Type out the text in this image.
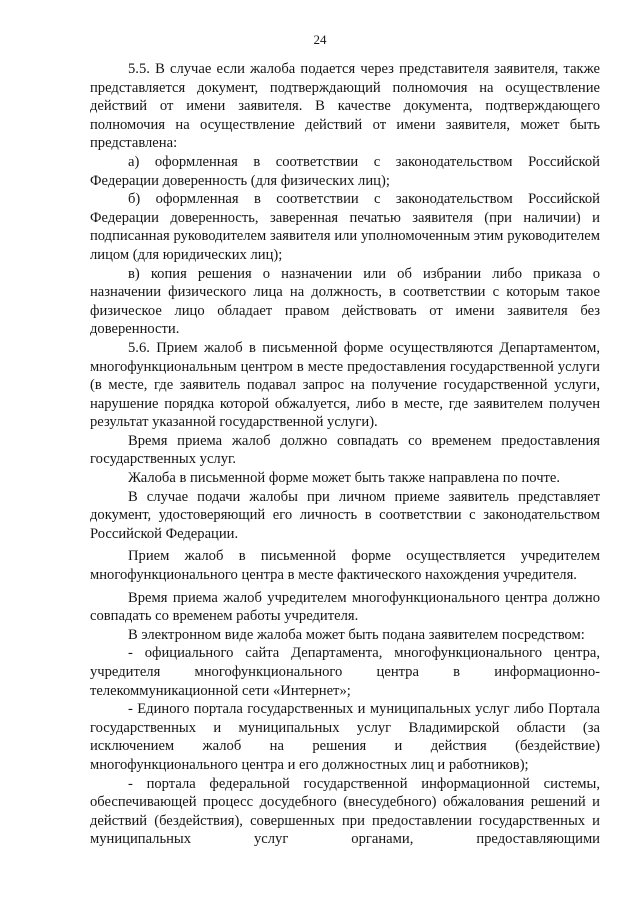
24

5.5. В случае если жалоба подается через представителя заявителя, также представляется документ, подтверждающий полномочия на осуществление действий от имени заявителя. В качестве документа, подтверждающего полномочия на осуществление действий от имени заявителя, может быть представлена:

а) оформленная в соответствии с законодательством Российской Федерации доверенность (для физических лиц);

б) оформленная в соответствии с законодательством Российской Федерации доверенность, заверенная печатью заявителя (при наличии) и подписанная руководителем заявителя или уполномоченным этим руководителем лицом (для юридических лиц);

в) копия решения о назначении или об избрании либо приказа о назначении физического лица на должность, в соответствии с которым такое физическое лицо обладает правом действовать от имени заявителя без доверенности.

5.6. Прием жалоб в письменной форме осуществляются Департаментом, многофункциональным центром в месте предоставления государственной услуги (в месте, где заявитель подавал запрос на получение государственной услуги, нарушение порядка которой обжалуется, либо в месте, где заявителем получен результат указанной государственной услуги).

Время приема жалоб должно совпадать со временем предоставления государственных услуг.

Жалоба в письменной форме может быть также направлена по почте.

В случае подачи жалобы при личном приеме заявитель представляет документ, удостоверяющий его личность в соответствии с законодательством Российской Федерации.

Прием жалоб в письменной форме осуществляется учредителем многофункционального центра в месте фактического нахождения учредителя.

Время приема жалоб учредителем многофункционального центра должно совпадать со временем работы учредителя.

В электронном виде жалоба может быть подана заявителем посредством:

- официального сайта Департамента, многофункционального центра, учредителя многофункционального центра в информационно-телекоммуникационной сети «Интернет»;

- Единого портала государственных и муниципальных услуг либо Портала государственных и муниципальных услуг Владимирской области (за исключением жалоб на решения и действия (бездействие) многофункционального центра и его должностных лиц и работников);

- портала федеральной государственной информационной системы, обеспечивающей процесс досудебного (внесудебного) обжалования решений и действий (бездействия), совершенных при предоставлении государственных и муниципальных услуг органами, предоставляющими
